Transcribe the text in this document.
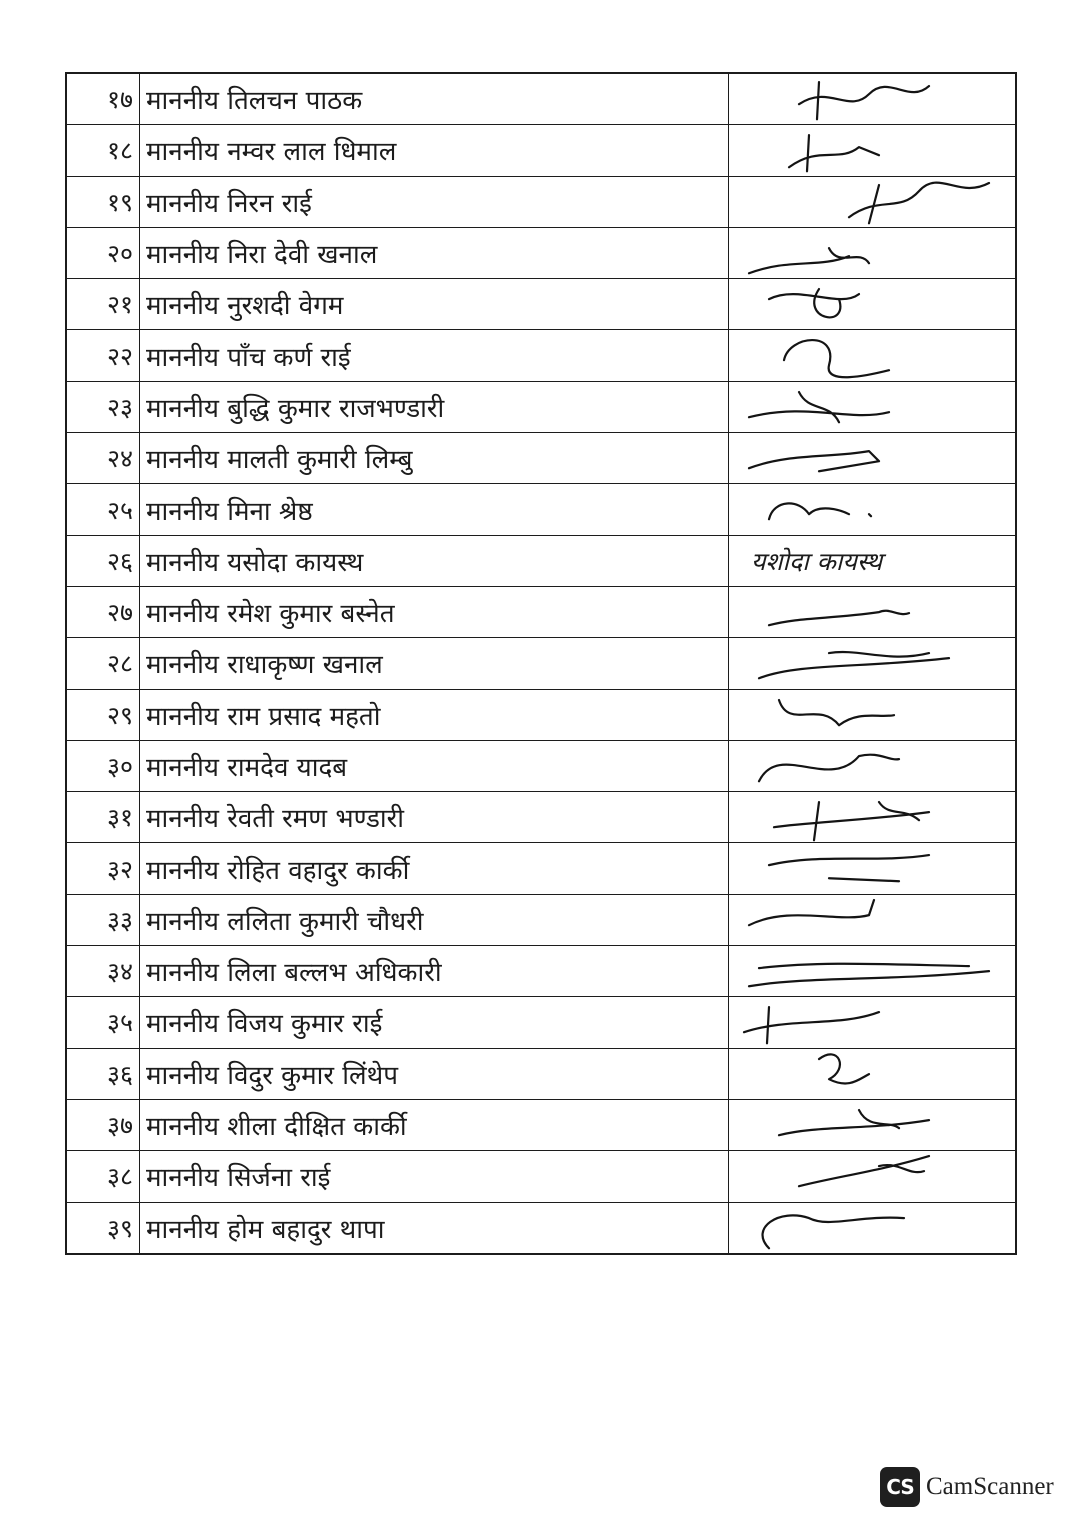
१७	माननीय तिलचन पाठक	

१८	माननीय नम्वर लाल धिमाल	

१९	माननीय निरन राई	

२०	माननीय निरा देवी खनाल	

२१	माननीय नुरशदी वेगम	

२२	माननीय पाँच कर्ण राई	

२३	माननीय बुद्धि कुमार राजभण्डारी	

२४	माननीय मालती कुमारी लिम्बु	

२५	माननीय मिना श्रेष्ठ	

२६	माननीय यसोदा कायस्थ	यशोदा कायस्थ

२७	माननीय रमेश कुमार बस्नेत	

२८	माननीय राधाकृष्ण खनाल	

२९	माननीय राम प्रसाद महतो	

३०	माननीय रामदेव यादब	

३१	माननीय रेवती रमण भण्डारी	

३२	माननीय रोहित वहादुर कार्की	

३३	माननीय ललिता कुमारी चौधरी	

३४	माननीय लिला बल्लभ अधिकारी	

३५	माननीय विजय कुमार राई	

३६	माननीय विदुर कुमार लिंथेप	

३७	माननीय शीला दीक्षित कार्की	

३८	माननीय सिर्जना राई	

३९	माननीय होम बहादुर थापा	
CS CamScanner
